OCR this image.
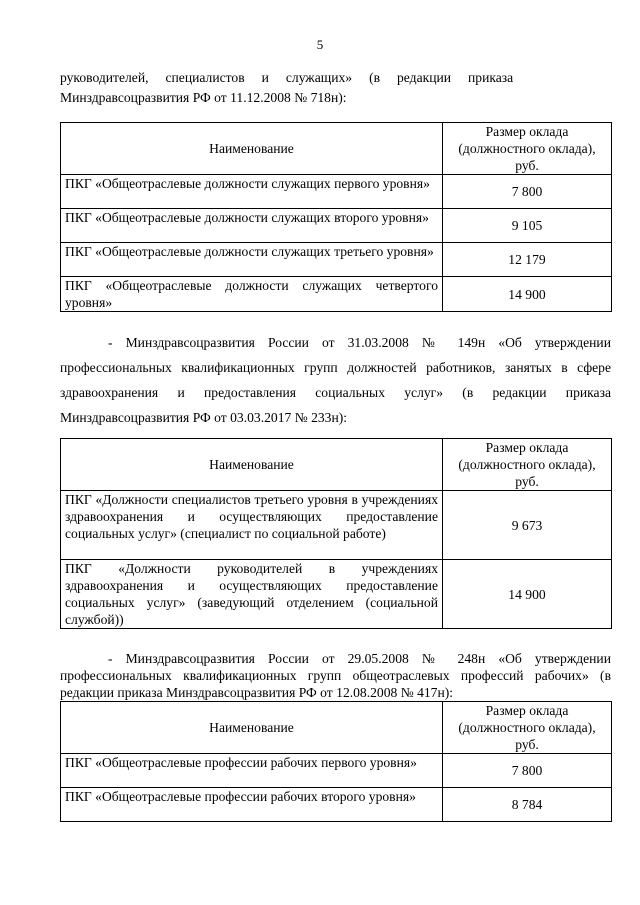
5
руководителей,     специалистов     и     служащих»     (в     редакции     приказа
Минздравсоцразвития РФ от 11.12.2008 № 718н):
Наименование	Размер оклада (должностного оклада), руб.
ПКГ «Общеотраслевые должности служащих первого уровня»	7 800
ПКГ «Общеотраслевые должности служащих второго уровня»	9 105
ПКГ «Общеотраслевые должности служащих третьего уровня»	12 179
ПКГ «Общеотраслевые должности служащих четвертого уровня»	14 900
- Минздравсоцразвития России от 31.03.2008 № 149н «Об утверждении профессиональных квалификационных групп должностей работников, занятых в сфере здравоохранения и предоставления социальных услуг» (в редакции приказа Минздравсоцразвития РФ от 03.03.2017 № 233н):
Наименование	Размер оклада (должностного оклада), руб.
ПКГ «Должности специалистов третьего уровня в учреждениях здравоохранения и осуществляющих предоставление социальных услуг» (специалист по социальной работе)	9 673
ПКГ «Должности руководителей в учреждениях здравоохранения и осуществляющих предоставление социальных услуг» (заведующий отделением (социальной службой))	14 900
- Минздравсоцразвития России от 29.05.2008 № 248н «Об утверждении профессиональных квалификационных групп общеотраслевых профессий рабочих» (в редакции приказа Минздравсоцразвития РФ от 12.08.2008 № 417н):
Наименование	Размер оклада (должностного оклада), руб.
ПКГ «Общеотраслевые профессии рабочих первого уровня»	7 800
ПКГ «Общеотраслевые профессии рабочих второго уровня»	8 784
